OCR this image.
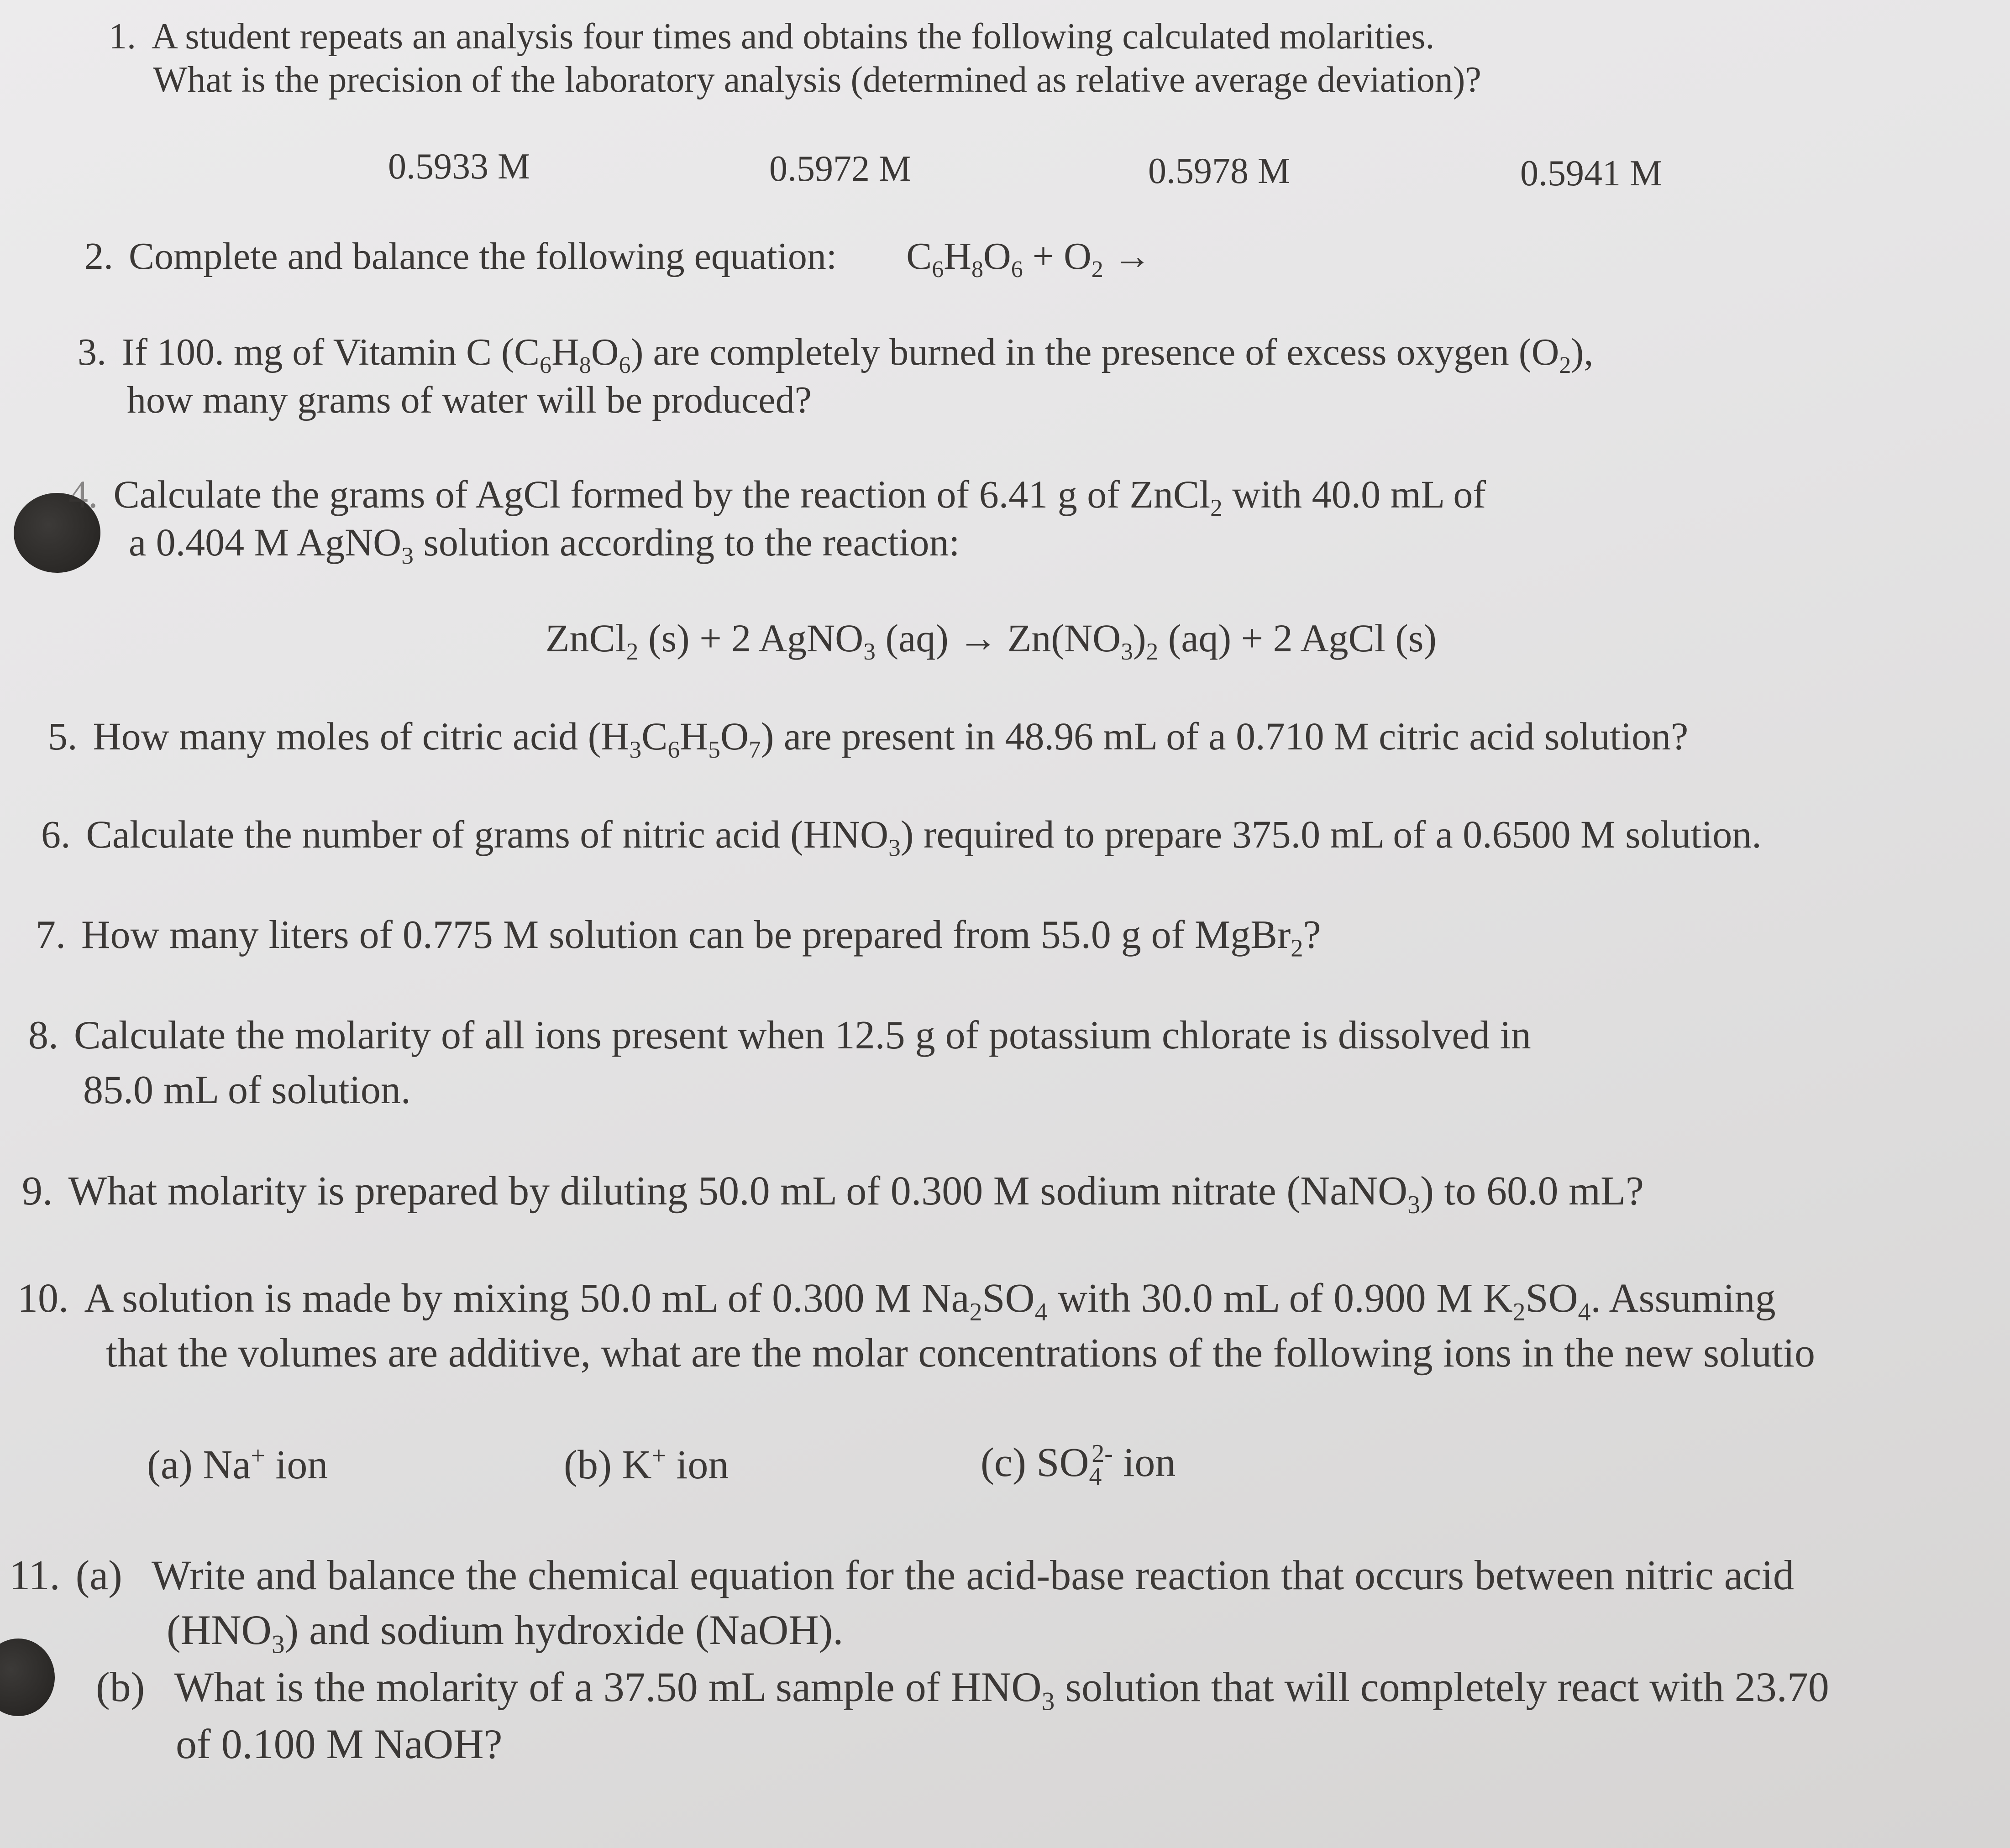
1. A student repeats an analysis four times and obtains the following calculated molarities.
What is the precision of the laboratory analysis (determined as relative average deviation)?
0.5933 M	0.5972 M	0.5978 M	0.5941 M
2. Complete and balance the following equation: $C_6H_8O_6 + O_2$ →
3. If 100. mg of Vitamin C $(C_6H_8O_6)$ are completely burned in the presence of excess oxygen $(O_2)$,
how many grams of water will be produced?
4. Calculate the grams of AgCl formed by the reaction of 6.41 g of ZnCl$_2$ with 40.0 mL of
a 0.404 M AgNO$_3$ solution according to the reaction:
ZnCl$_2$ (s) + 2 AgNO$_3$ $(aq) \to Zn(NO_3)_2$ (aq) + 2 AgCl (s)
5. How many moles of citric acid $(H_3C_6H_5O_7)$ are present in 48.96 mL of a 0.710 M citric acid solution?
6. Calculate the number of grams of nitric acid $(HNO_3)$ required to prepare 375.0 mL of a 0.6500 M solution.
7. How many liters of 0.775 M solution can be prepared from 55.0 g of MgBr$_2$?
8. Calculate the molarity of all ions present when 12.5 g of potassium chlorate is dissolved in
85.0 mL of solution.
9. What molarity is prepared by diluting 50.0 mL of 0.300 M sodium nitrate (NaNO$_3$) to 60.0 mL?
10. A solution is made by mixing 50.0 mL of 0.300 M $Na_2SO_4$ with 30.0 mL of 0.900 M $K_2SO_4$. Assuming
that the volumes are additive, what are the molar concentrations of the following ions in the new solutio
(a) Na+ ion	(b) K+ ion	(c) $SO_4^{2-}$ ion
11. (a) Write and balance the chemical equation for the acid-base reaction that occurs between nitric acid
$(HNO_3)$ and sodium hydroxide (NaOH).
(b) What is the molarity of a 37.50 mL sample of $HNO_3$ solution that will completely react with 23.70
of 0.100 M NaOH?
